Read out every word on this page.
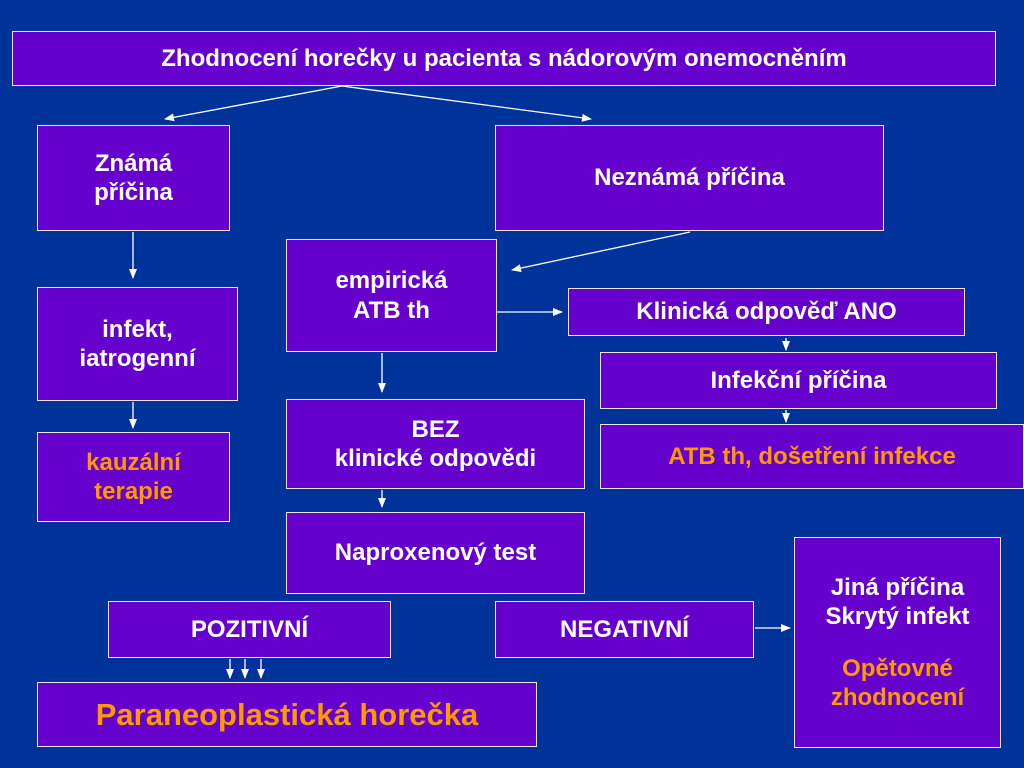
Zhodnocení horečky u pacienta s nádorovým onemocněním
Známá
příčina
Neznámá příčina
infekt,
iatrogenní
kauzální
terapie
empirická
ATB th	Klinická odpověď ANO
Infekční příčina
ATB th, došetření infekce
BEZ
klinické odpovědi
Naproxenový test
POZITIVNÍ	NEGATIVNÍ
Paraneoplastická horečka
Jiná příčina
Skrytý infekt
Opětovné
zhodnocení
